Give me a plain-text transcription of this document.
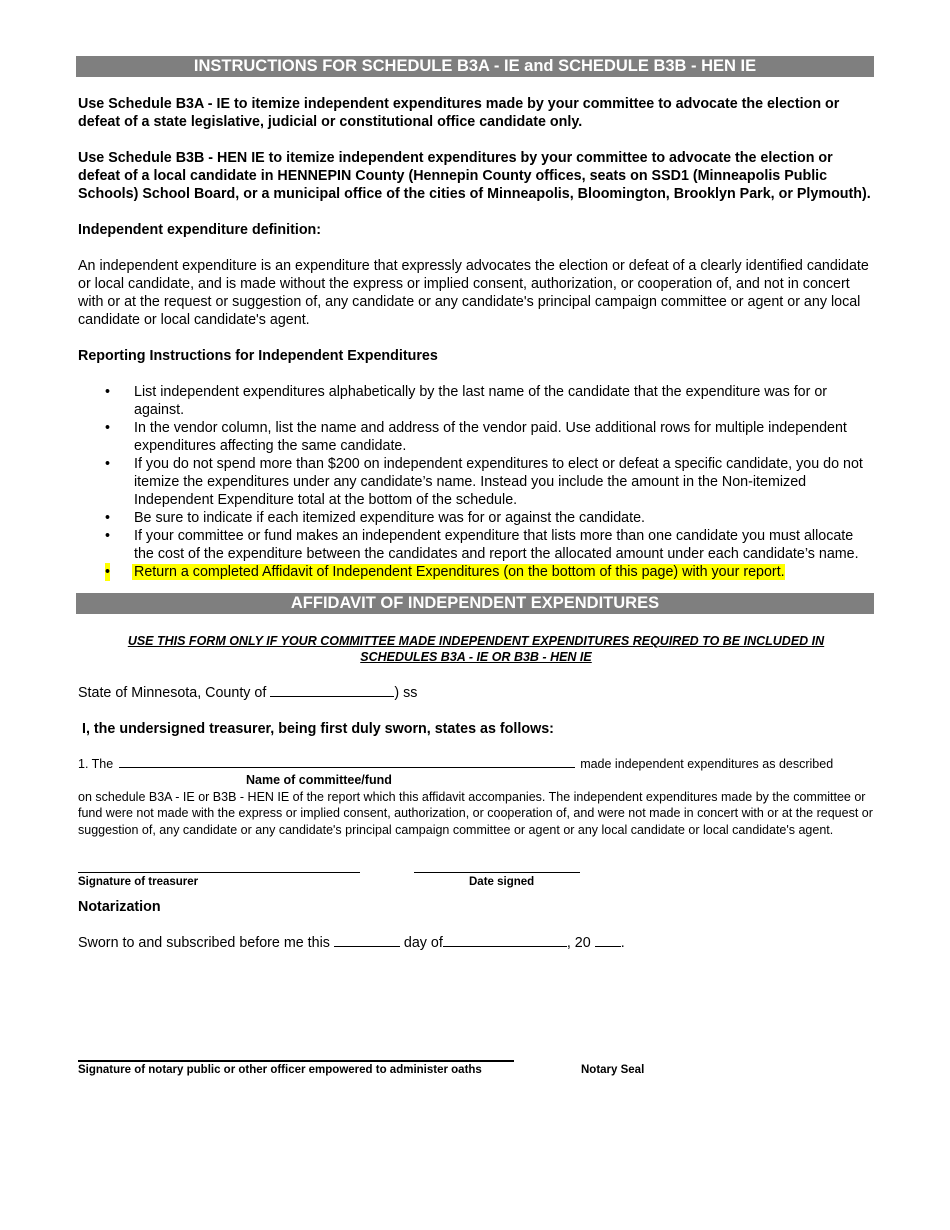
INSTRUCTIONS FOR SCHEDULE B3A - IE and SCHEDULE B3B - HEN IE

Use Schedule B3A - IE to itemize independent expenditures made by your committee to advocate the election or defeat of a state legislative, judicial or constitutional office candidate only.

Use Schedule B3B - HEN IE to itemize independent expenditures by your committee to advocate the election or defeat of a local candidate in HENNEPIN County (Hennepin County offices, seats on SSD1 (Minneapolis Public Schools) School Board, or a municipal office of the cities of Minneapolis, Bloomington, Brooklyn Park, or Plymouth).

Independent expenditure definition:

An independent expenditure is an expenditure that expressly advocates the election or defeat of a clearly identified candidate or local candidate, and is made without the express or implied consent, authorization, or cooperation of, and not in concert with or at the request or suggestion of, any candidate or any candidate's principal campaign committee or agent or any local candidate or local candidate's agent.

Reporting Instructions for Independent Expenditures

• List independent expenditures alphabetically by the last name of the candidate that the expenditure was for or against.
• In the vendor column, list the name and address of the vendor paid. Use additional rows for multiple independent expenditures affecting the same candidate.
• If you do not spend more than $200 on independent expenditures to elect or defeat a specific candidate, you do not itemize the expenditures under any candidate’s name. Instead you include the amount in the Non-itemized Independent Expenditure total at the bottom of the schedule.
• Be sure to indicate if each itemized expenditure was for or against the candidate.
• If your committee or fund makes an independent expenditure that lists more than one candidate you must allocate the cost of the expenditure between the candidates and report the allocated amount under each candidate’s name.
• Return a completed Affidavit of Independent Expenditures (on the bottom of this page) with your report.
AFFIDAVIT OF INDEPENDENT EXPENDITURES
USE THIS FORM ONLY IF YOUR COMMITTEE MADE INDEPENDENT EXPENDITURES REQUIRED TO BE INCLUDED IN
SCHEDULES B3A - IE OR B3B - HEN IE

State of Minnesota, County of	) ss

I, the undersigned treasurer, being first duly sworn, states as follows:

1. The	made independent expenditures as described
Name of committee/fund
on schedule B3A - IE or B3B - HEN IE of the report which this affidavit accompanies. The independent expenditures made by the committee or fund were not made with the express or implied consent, authorization, or cooperation of, and were not made in concert with or at the request or suggestion of, any candidate or any candidate's principal campaign committee or agent or any local candidate or local candidate's agent.
Signature of treasurer	Date signed

Notarization

Sworn to and subscribed before me this	day of	, 20 .

Signature of notary public or other officer empowered to administer oaths	Notary Seal
